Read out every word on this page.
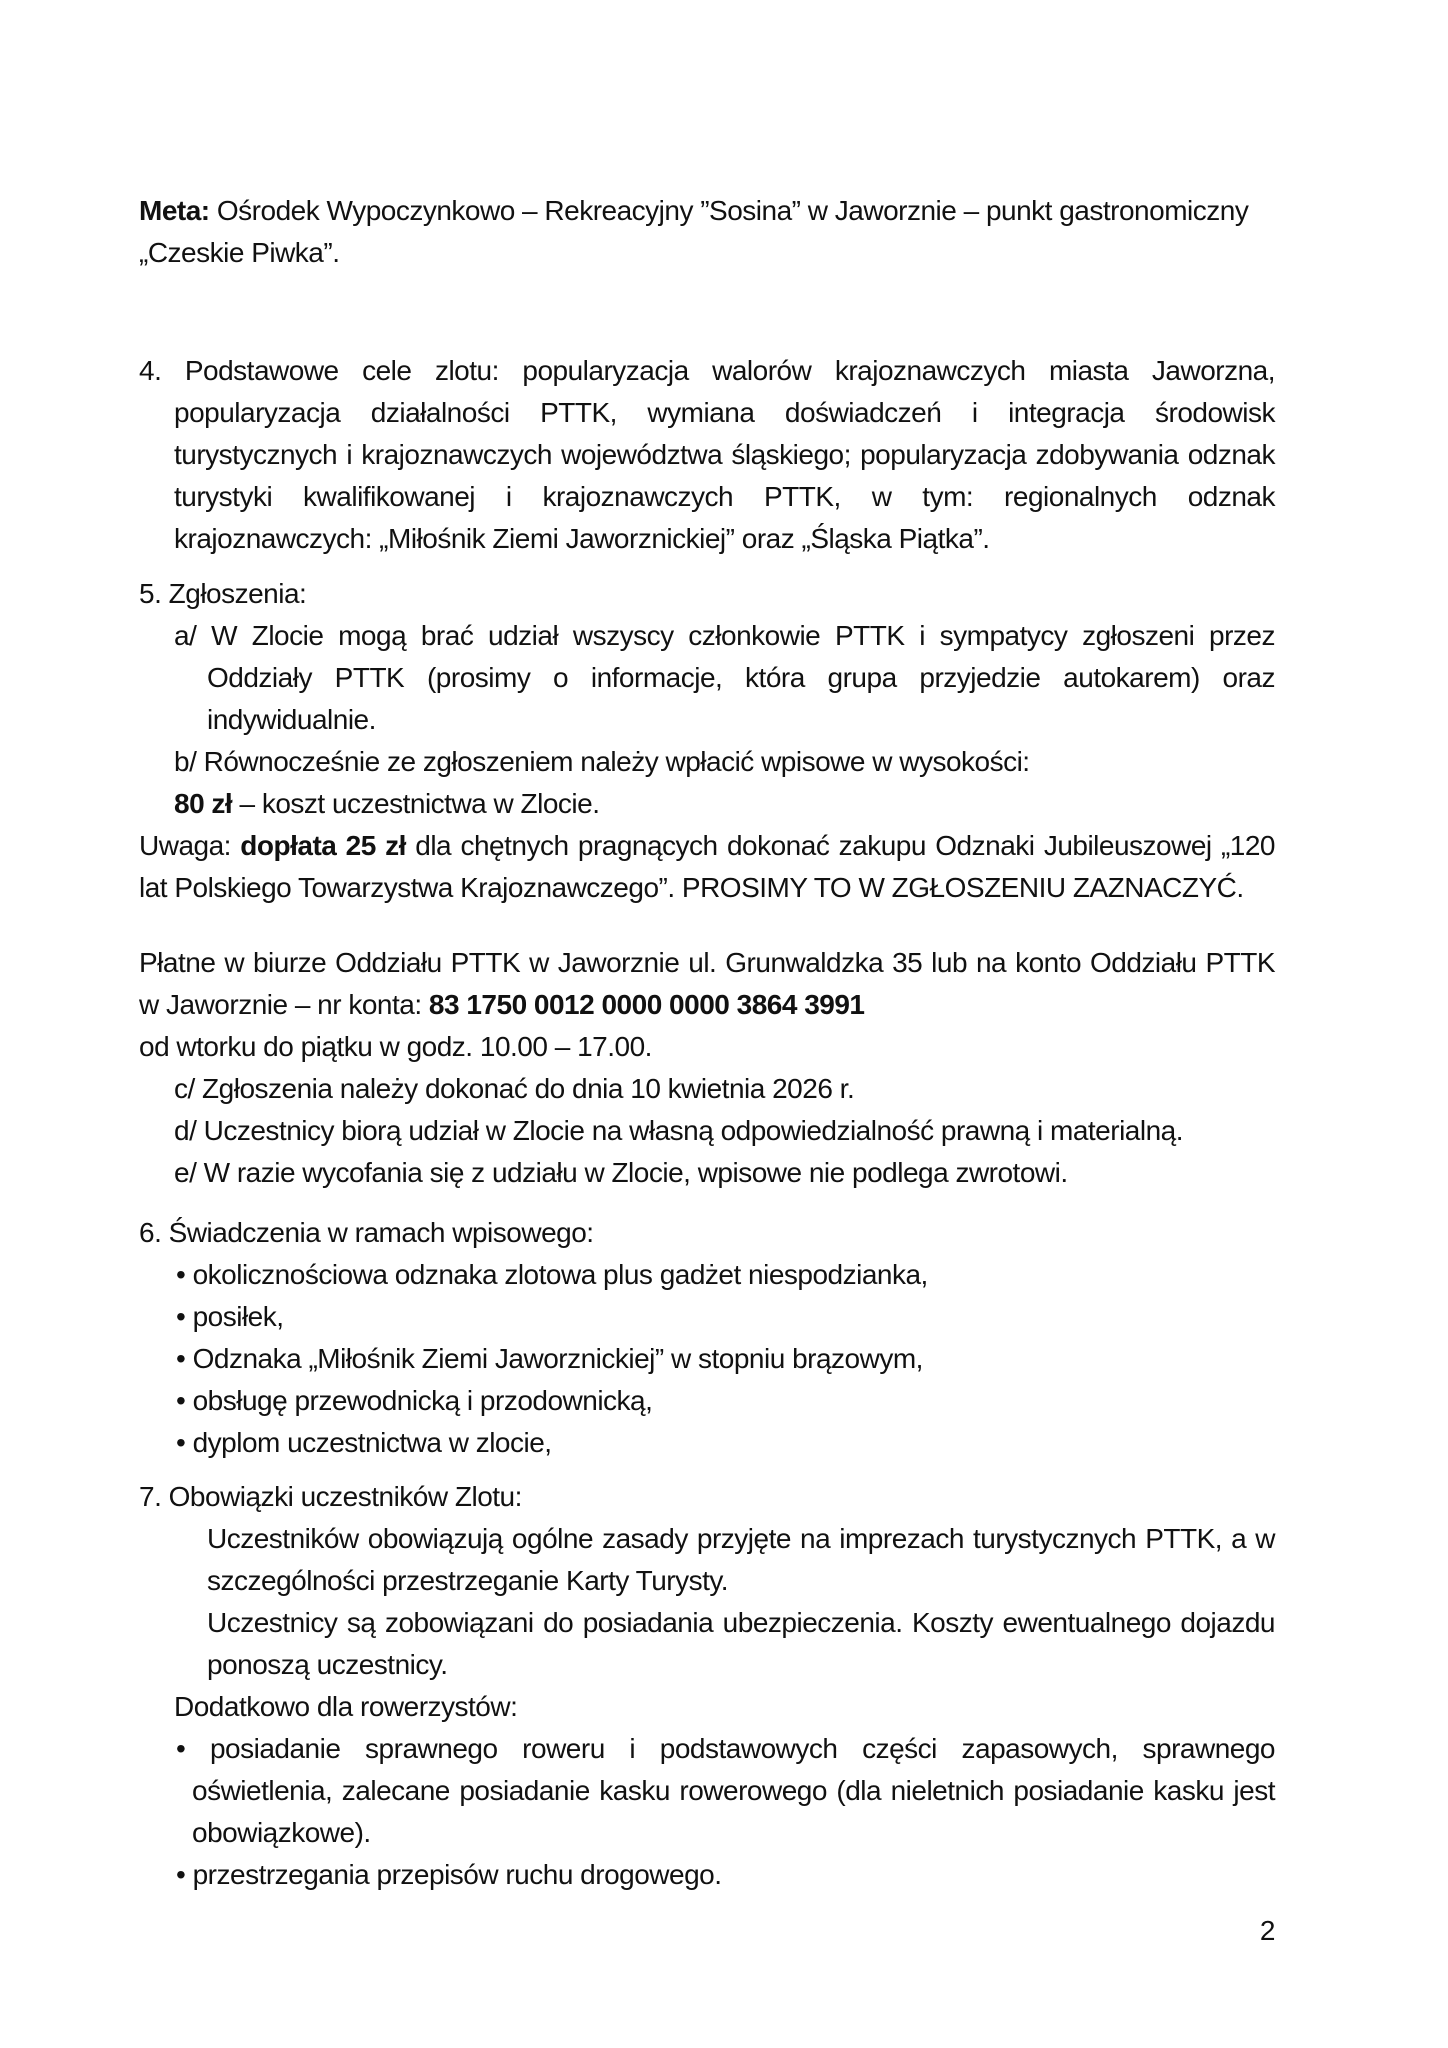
Meta: Ośrodek Wypoczynkowo – Rekreacyjny ”Sosina” w Jaworznie – punkt gastronomiczny „Czeskie Piwka”.

4. Podstawowe cele zlotu: popularyzacja walorów krajoznawczych miasta Jaworzna, popularyzacja działalności PTTK, wymiana doświadczeń i integracja środowisk turystycznych i krajoznawczych województwa śląskiego; popularyzacja zdobywania odznak turystyki kwalifikowanej i krajoznawczych PTTK, w tym: regionalnych odznak krajoznawczych: „Miłośnik Ziemi Jaworznickiej” oraz „Śląska Piątka”.

5. Zgłoszenia:

a/ W Zlocie mogą brać udział wszyscy członkowie PTTK i sympatycy zgłoszeni przez Oddziały PTTK (prosimy o informacje, która grupa przyjedzie autokarem) oraz indywidualnie.

b/ Równocześnie ze zgłoszeniem należy wpłacić wpisowe w wysokości:

80 zł – koszt uczestnictwa w Zlocie.

Uwaga: dopłata 25 zł dla chętnych pragnących dokonać zakupu Odznaki Jubileuszowej „120 lat Polskiego Towarzystwa Krajoznawczego”. PROSIMY TO W ZGŁOSZENIU ZAZNACZYĆ.

Płatne w biurze Oddziału PTTK w Jaworznie ul. Grunwaldzka 35 lub na konto Oddziału PTTK w Jaworznie – nr konta: 83 1750 0012 0000 0000 3864 3991

od wtorku do piątku w godz. 10.00 – 17.00.

c/ Zgłoszenia należy dokonać do dnia 10 kwietnia 2026 r.

d/ Uczestnicy biorą udział w Zlocie na własną odpowiedzialność prawną i materialną.

e/ W razie wycofania się z udziału w Zlocie, wpisowe nie podlega zwrotowi.

6. Świadczenia w ramach wpisowego:

• okolicznościowa odznaka zlotowa plus gadżet niespodzianka,

• posiłek,

• Odznaka „Miłośnik Ziemi Jaworznickiej” w stopniu brązowym,

• obsługę przewodnicką i przodownicką,

• dyplom uczestnictwa w zlocie,

7. Obowiązki uczestników Zlotu:

Uczestników obowiązują ogólne zasady przyjęte na imprezach turystycznych PTTK, a w szczególności przestrzeganie Karty Turysty.

Uczestnicy są zobowiązani do posiadania ubezpieczenia. Koszty ewentualnego dojazdu ponoszą uczestnicy.

Dodatkowo dla rowerzystów:

• posiadanie sprawnego roweru i podstawowych części zapasowych, sprawnego oświetlenia, zalecane posiadanie kasku rowerowego (dla nieletnich posiadanie kasku jest obowiązkowe).

• przestrzegania przepisów ruchu drogowego.

2
